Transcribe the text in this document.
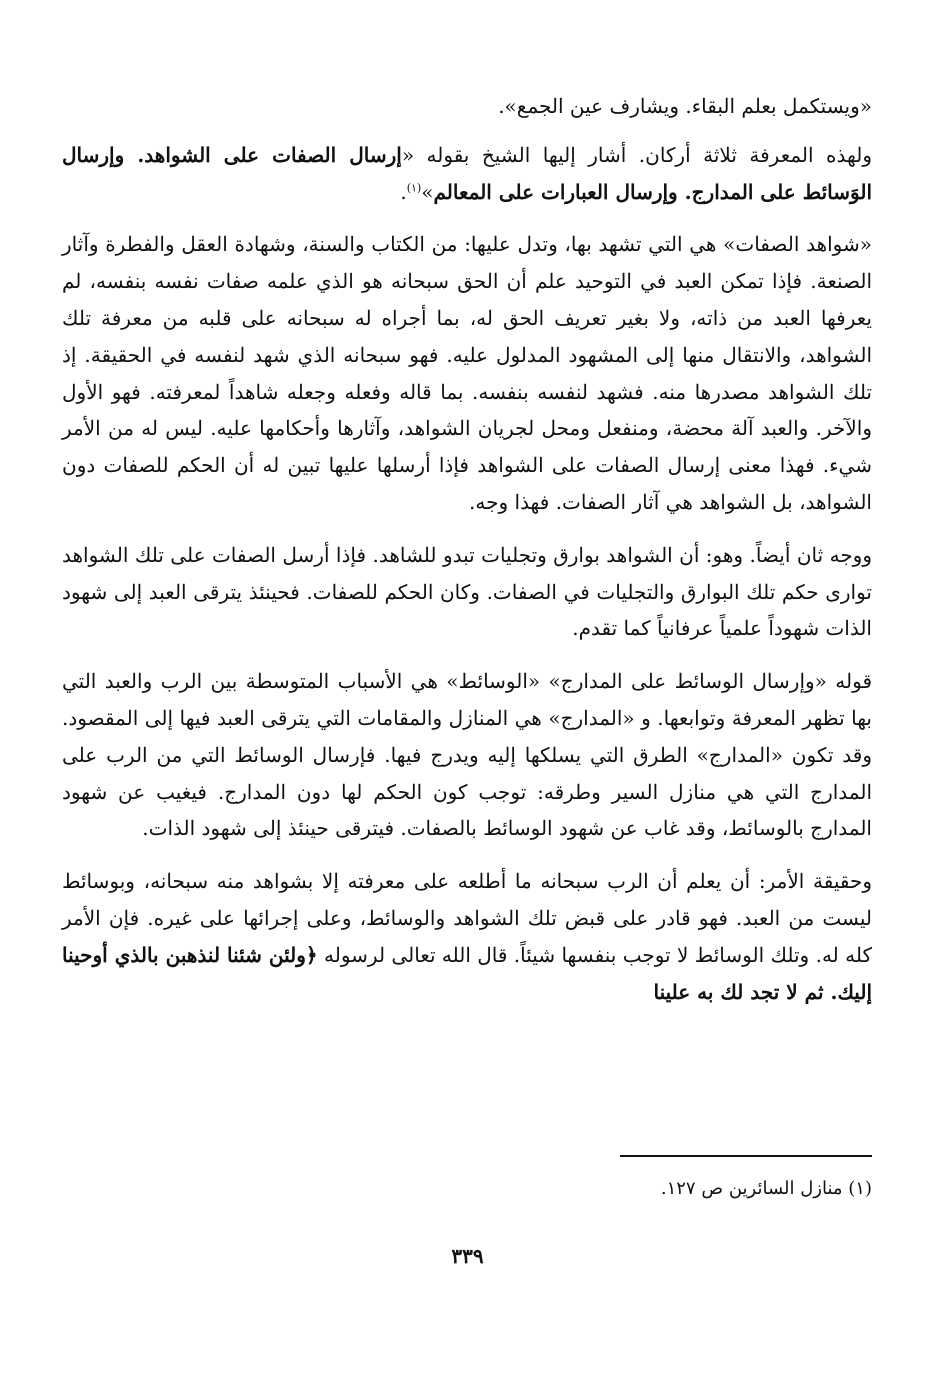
«ويستكمل بعلم البقاء. ويشارف عين الجمع».

ولهذه المعرفة ثلاثة أركان. أشار إليها الشيخ بقوله «إرسال الصفات على الشواهد. وإرسال الوَسائط على المدارج. وإرسال العبارات على المعالم»$^{(١)}$.

«شواهد الصفات» هي التي تشهد بها، وتدل عليها: من الكتاب والسنة، وشهادة العقل والفطرة وآثار الصنعة. فإذا تمكن العبد في التوحيد علم أن الحق سبحانه هو الذي علمه صفات نفسه بنفسه، لم يعرفها العبد من ذاته، ولا بغير تعريف الحق له، بما أجراه له سبحانه على قلبه من معرفة تلك الشواهد، والانتقال منها إلى المشهود المدلول عليه. فهو سبحانه الذي شهد لنفسه في الحقيقة. إذ تلك الشواهد مصدرها منه. فشهد لنفسه بنفسه. بما قاله وفعله وجعله شاهداً لمعرفته. فهو الأول والآخر. والعبد آلة محضة، ومنفعل ومحل لجريان الشواهد، وآثارها وأحكامها عليه. ليس له من الأمر شيء. فهذا معنى إرسال الصفات على الشواهد فإذا أرسلها عليها تبين له أن الحكم للصفات دون الشواهد، بل الشواهد هي آثار الصفات. فهذا وجه.

ووجه ثان أيضاً. وهو: أن الشواهد بوارق وتجليات تبدو للشاهد. فإذا أرسل الصفات على تلك الشواهد توارى حكم تلك البوارق والتجليات في الصفات. وكان الحكم للصفات. فحينئذ يترقى العبد إلى شهود الذات شهوداً علمياً عرفانياً كما تقدم.

قوله «وإرسال الوسائط على المدارج» «الوسائط» هي الأسباب المتوسطة بين الرب والعبد التي بها تظهر المعرفة وتوابعها. و «المدارج» هي المنازل والمقامات التي يترقى العبد فيها إلى المقصود. وقد تكون «المدارج» الطرق التي يسلكها إليه ويدرج فيها. فإرسال الوسائط التي من الرب على المدارج التي هي منازل السير وطرقه: توجب كون الحكم لها دون المدارج. فيغيب عن شهود المدارج بالوسائط، وقد غاب عن شهود الوسائط بالصفات. فيترقى حينئذ إلى شهود الذات.

وحقيقة الأمر: أن يعلم أن الرب سبحانه ما أطلعه على معرفته إلا بشواهد منه سبحانه، وبوسائط ليست من العبد. فهو قادر على قبض تلك الشواهد والوسائط، وعلى إجرائها على غيره. فإن الأمر كله له. وتلك الوسائط لا توجب بنفسها شيئاً. قال الله تعالى لرسوله ﴿ولئن شئنا لنذهبن بالذي أوحينا إليك. ثم لا تجد لك به علينا

(١) منازل السائرين ص ١٢٧.
٣٣٩
